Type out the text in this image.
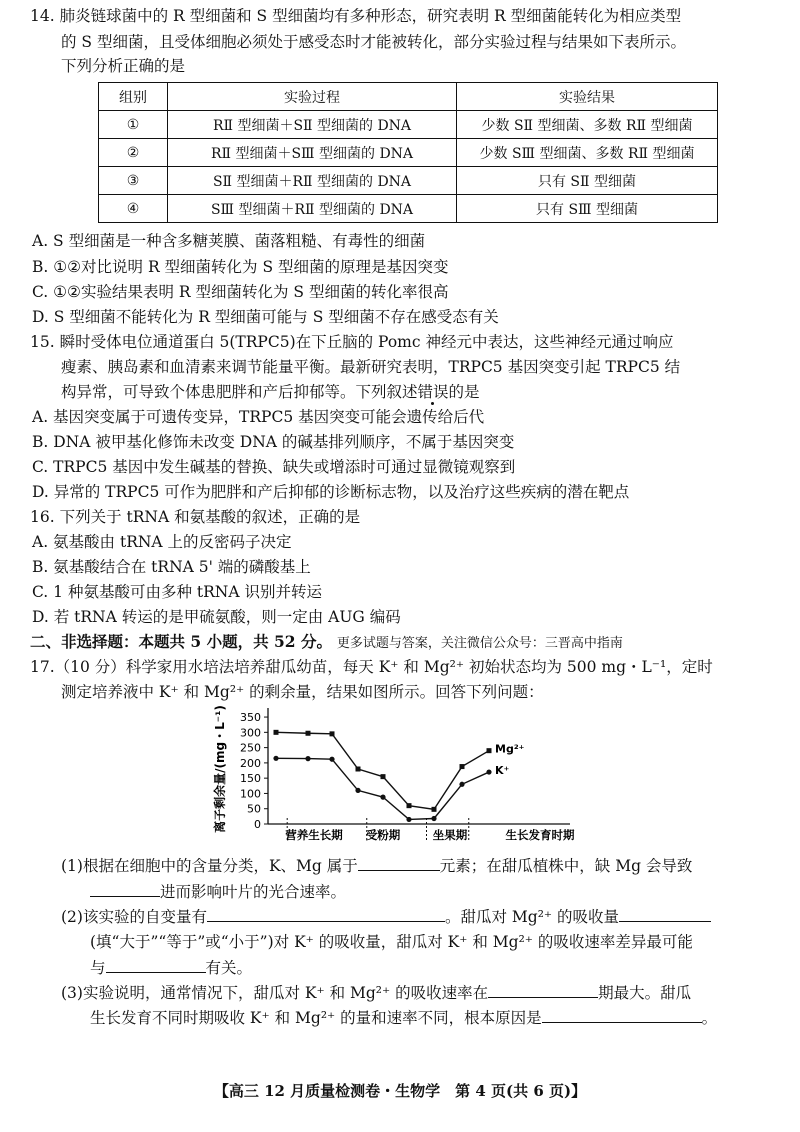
14. 肺炎链球菌中的 R 型细菌和 S 型细菌均有多种形态，研究表明 R 型细菌能转化为相应类型

的 S 型细菌，且受体细胞必须处于感受态时才能被转化，部分实验过程与结果如下表所示。

下列分析正确的是

组别	实验过程	实验结果
①	RⅡ 型细菌＋SⅡ 型细菌的 DNA	少数 SⅡ 型细菌、多数 RⅡ 型细菌
②	RⅡ 型细菌＋SⅢ 型细菌的 DNA	少数 SⅢ 型细菌、多数 RⅡ 型细菌
③	SⅡ 型细菌＋RⅡ 型细菌的 DNA	只有 SⅡ 型细菌
④	SⅢ 型细菌＋RⅡ 型细菌的 DNA	只有 SⅢ 型细菌

A. S 型细菌是一种含多糖荚膜、菌落粗糙、有毒性的细菌

B. ①②对比说明 R 型细菌转化为 S 型细菌的原理是基因突变

C. ①②实验结果表明 R 型细菌转化为 S 型细菌的转化率很高

D. S 型细菌不能转化为 R 型细菌可能与 S 型细菌不存在感受态有关

15. 瞬时受体电位通道蛋白 5(TRPC5)在下丘脑的 Pomc 神经元中表达，这些神经元通过响应

瘦素、胰岛素和血清素来调节能量平衡。最新研究表明，TRPC5 基因突变引起 TRPC5 结

构异常，可导致个体患肥胖和产后抑郁等。下列叙述错误的是

A. 基因突变属于可遗传变异，TRPC5 基因突变可能会遗传给后代

B. DNA 被甲基化修饰未改变 DNA 的碱基排列顺序，不属于基因突变

C. TRPC5 基因中发生碱基的替换、缺失或增添时可通过显微镜观察到

D. 异常的 TRPC5 可作为肥胖和产后抑郁的诊断标志物，以及治疗这些疾病的潜在靶点

16. 下列关于 tRNA 和氨基酸的叙述，正确的是

A. 氨基酸由 tRNA 上的反密码子决定

B. 氨基酸结合在 tRNA 5' 端的磷酸基上

C. 1 种氨基酸可由多种 tRNA 识别并转运

D. 若 tRNA 转运的是甲硫氨酸，则一定由 AUG 编码

二、非选择题：本题共 5 小题，共 52 分。 更多试题与答案，关注微信公众号：三晋高中指南

17.（10 分）科学家用水培法培养甜瓜幼苗，每天 K⁺ 和 Mg²⁺ 初始状态均为 500 mg・L⁻¹，定时

测定培养液中 K⁺ 和 Mg²⁺ 的剩余量，结果如图所示。回答下列问题：

离子剩余量/(mg・L⁻¹) 0
50
100
150
200
250
300
350
营养生长期 受粉期	坐果期	生长发育时期
Mg²⁺
K⁺

(1)根据在细胞中的含量分类，K、Mg 属于	元素；在甜瓜植株中，缺 Mg 会导致

进而影响叶片的光合速率。

(2)该实验的自变量有	。甜瓜对 Mg²⁺ 的吸收量

(填“大于”“等于”或“小于”)对 K⁺ 的吸收量，甜瓜对 K⁺ 和 Mg²⁺ 的吸收速率差异最可能

与	有关。

(3)实验说明，通常情况下，甜瓜对 K⁺ 和 Mg²⁺ 的吸收速率在	期最大。甜瓜

生长发育不同时期吸收 K⁺ 和 Mg²⁺ 的量和速率不同，根本原因是	。

【高三 12 月质量检测卷・生物学　第 4 页(共 6 页)】
